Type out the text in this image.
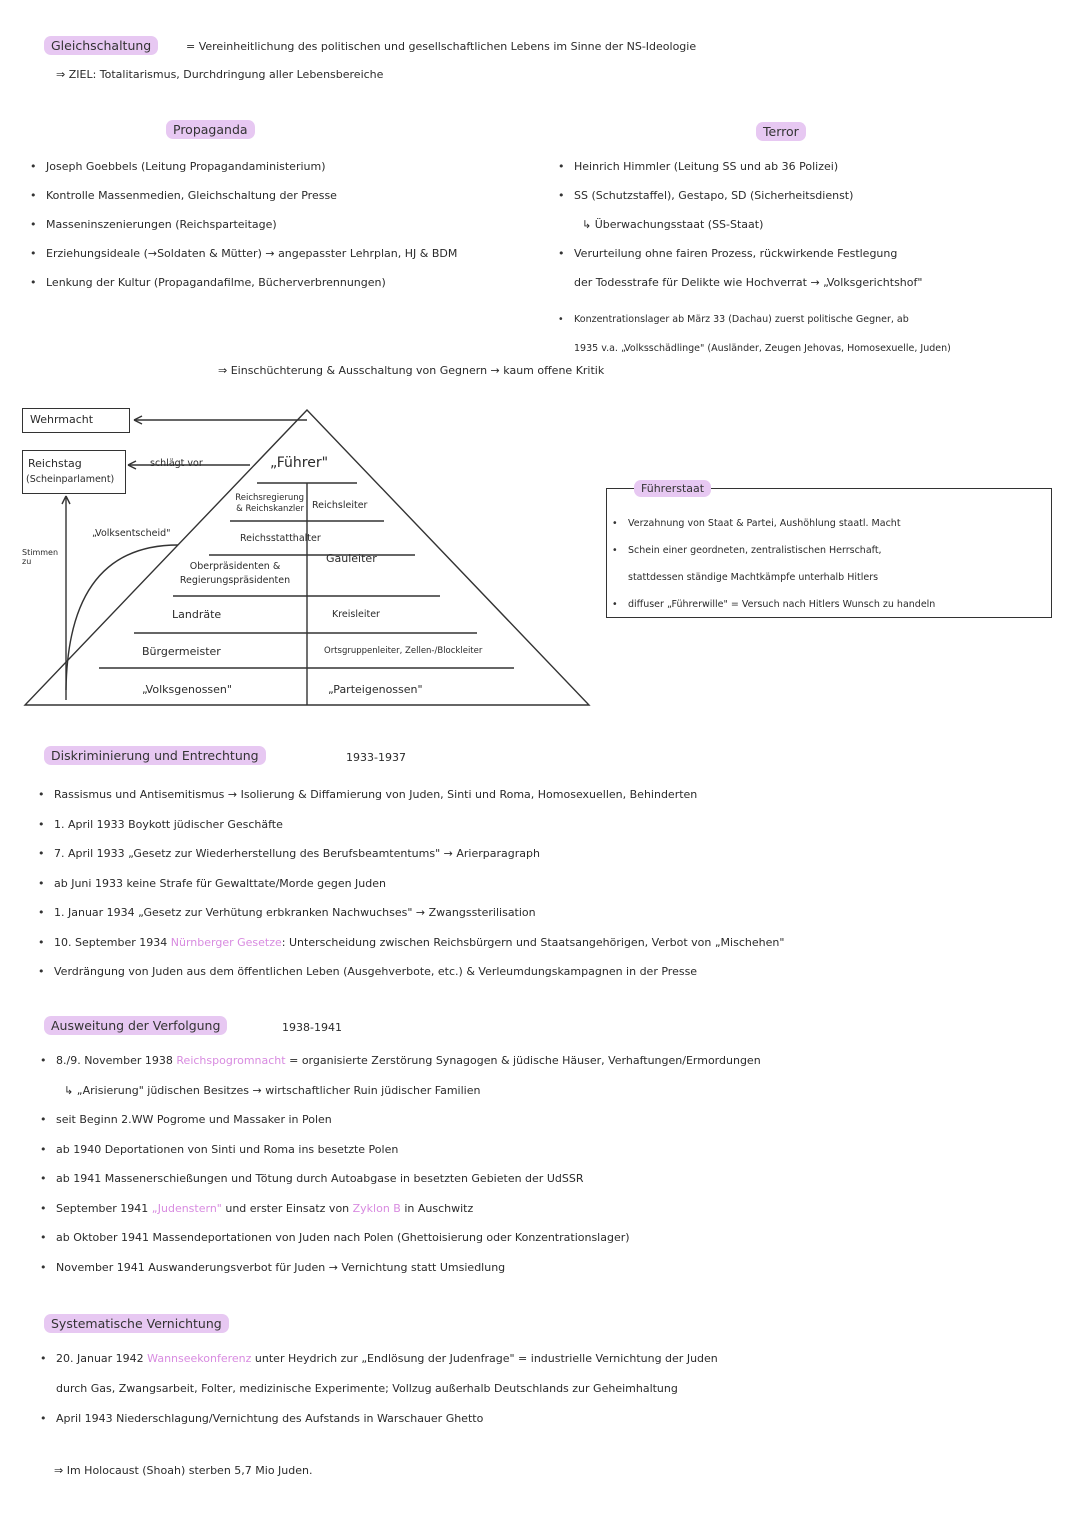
Gleichschaltung	= Vereinheitlichung des politischen und gesellschaftlichen Lebens im Sinne der NS-Ideologie
⇒ ZIEL: Totalitarismus, Durchdringung aller Lebensbereiche
Propaganda
• Joseph Goebbels (Leitung Propagandaministerium)
• Kontrolle Massenmedien, Gleichschaltung der Presse
• Masseninszenierungen (Reichsparteitage)
• Erziehungsideale (→Soldaten & Mütter) → angepasster Lehrplan, HJ & BDM
• Lenkung der Kultur (Propagandafilme, Bücherverbrennungen)
Terror
• Heinrich Himmler (Leitung SS und ab 36 Polizei)
• SS (Schutzstaffel), Gestapo, SD (Sicherheitsdienst)
↳ Überwachungsstaat (SS-Staat)
• Verurteilung ohne fairen Prozess, rückwirkende Festlegung
der Todesstrafe für Delikte wie Hochverrat → „Volksgerichtshof"
• Konzentrationslager ab März 33 (Dachau) zuerst politische Gegner, ab
1935 v.a. „Volksschädlinge" (Ausländer, Zeugen Jehovas, Homosexuelle, Juden)
⇒ Einschüchterung & Ausschaltung von Gegnern → kaum offene Kritik
Wehrmacht
Reichstag
(Scheinparlament)
schlägt vor
„Volksentscheid"
Stimmen zu
„Führer"
Reichsregierung & Reichskanzler
Reichsstatthalter
Oberpräsidenten & Regierungspräsidenten
Landräte
Bürgermeister
„Volksgenossen"
Reichsleiter
Gauleiter
Kreisleiter
Ortsgruppenleiter, Zellen-/Blockleiter
„Parteigenossen"
Führerstaat
• Verzahnung von Staat & Partei, Aushöhlung staatl. Macht
• Schein einer geordneten, zentralistischen Herrschaft,
stattdessen ständige Machtkämpfe unterhalb Hitlers
• diffuser „Führerwille" = Versuch nach Hitlers Wunsch zu handeln
Diskriminierung und Entrechtung	1933-1937
• Rassismus und Antisemitismus → Isolierung & Diffamierung von Juden, Sinti und Roma, Homosexuellen, Behinderten
• 1. April 1933 Boykott jüdischer Geschäfte
• 7. April 1933 „Gesetz zur Wiederherstellung des Berufsbeamtentums" → Arierparagraph
• ab Juni 1933 keine Strafe für Gewalttate/Morde gegen Juden
• 1. Januar 1934 „Gesetz zur Verhütung erbkranken Nachwuchses" → Zwangssterilisation
• 10. September 1934 Nürnberger Gesetze: Unterscheidung zwischen Reichsbürgern und Staatsangehörigen, Verbot von „Mischehen"
• Verdrängung von Juden aus dem öffentlichen Leben (Ausgehverbote, etc.) & Verleumdungskampagnen in der Presse
Ausweitung der Verfolgung	1938-1941
• 8./9. November 1938 Reichspogromnacht = organisierte Zerstörung Synagogen & jüdische Häuser, Verhaftungen/Ermordungen
↳ „Arisierung" jüdischen Besitzes → wirtschaftlicher Ruin jüdischer Familien
• seit Beginn 2.WW Pogrome und Massaker in Polen
• ab 1940 Deportationen von Sinti und Roma ins besetzte Polen
• ab 1941 Massenerschießungen und Tötung durch Autoabgase in besetzten Gebieten der UdSSR
• September 1941 „Judenstern" und erster Einsatz von Zyklon B in Auschwitz
• ab Oktober 1941 Massendeportationen von Juden nach Polen (Ghettoisierung oder Konzentrationslager)
• November 1941 Auswanderungsverbot für Juden → Vernichtung statt Umsiedlung
Systematische Vernichtung
• 20. Januar 1942 Wannseekonferenz unter Heydrich zur „Endlösung der Judenfrage" = industrielle Vernichtung der Juden
durch Gas, Zwangsarbeit, Folter, medizinische Experimente; Vollzug außerhalb Deutschlands zur Geheimhaltung
• April 1943 Niederschlagung/Vernichtung des Aufstands in Warschauer Ghetto
⇒ Im Holocaust (Shoah) sterben 5,7 Mio Juden.
